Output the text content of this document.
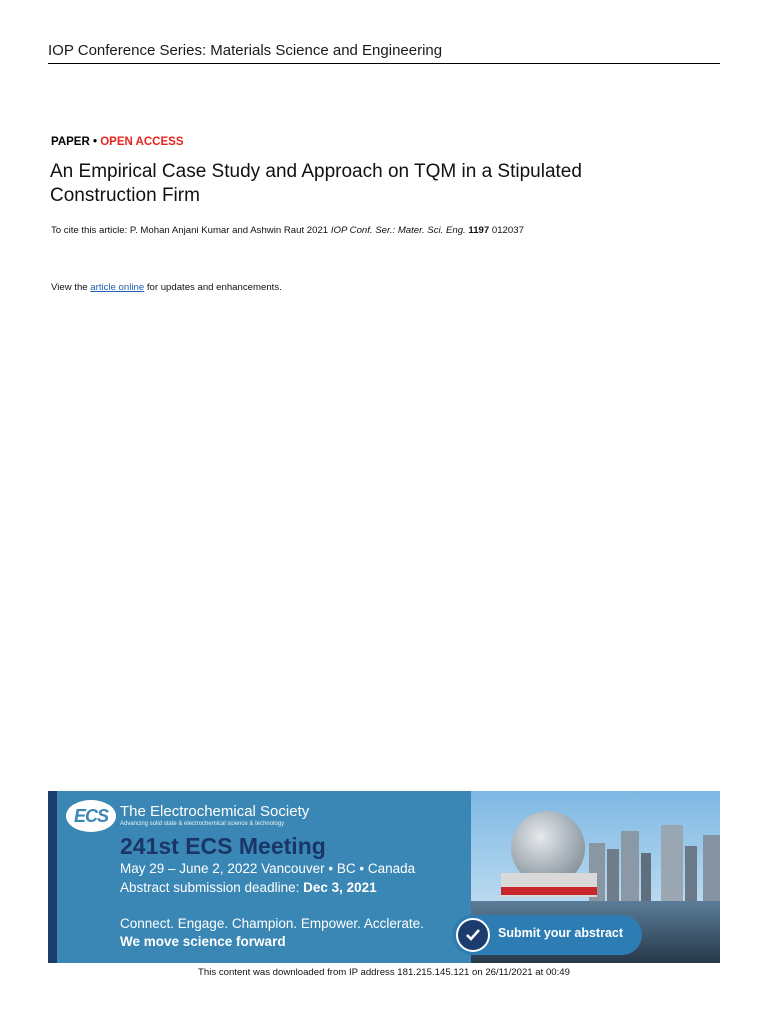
IOP Conference Series: Materials Science and Engineering
PAPER • OPEN ACCESS
An Empirical Case Study and Approach on TQM in a Stipulated Construction Firm
To cite this article: P. Mohan Anjani Kumar and Ashwin Raut 2021 IOP Conf. Ser.: Mater. Sci. Eng. 1197 012037
View the article online for updates and enhancements.
ECS The Electrochemical Society
Advancing solid state & electrochemical science & technology
241st ECS Meeting
May 29 – June 2, 2022 Vancouver • BC • Canada
Abstract submission deadline: Dec 3, 2021
Connect. Engage. Champion. Empower. Acclerate.
We move science forward
Submit your abstract
This content was downloaded from IP address 181.215.145.121 on 26/11/2021 at 00:49
